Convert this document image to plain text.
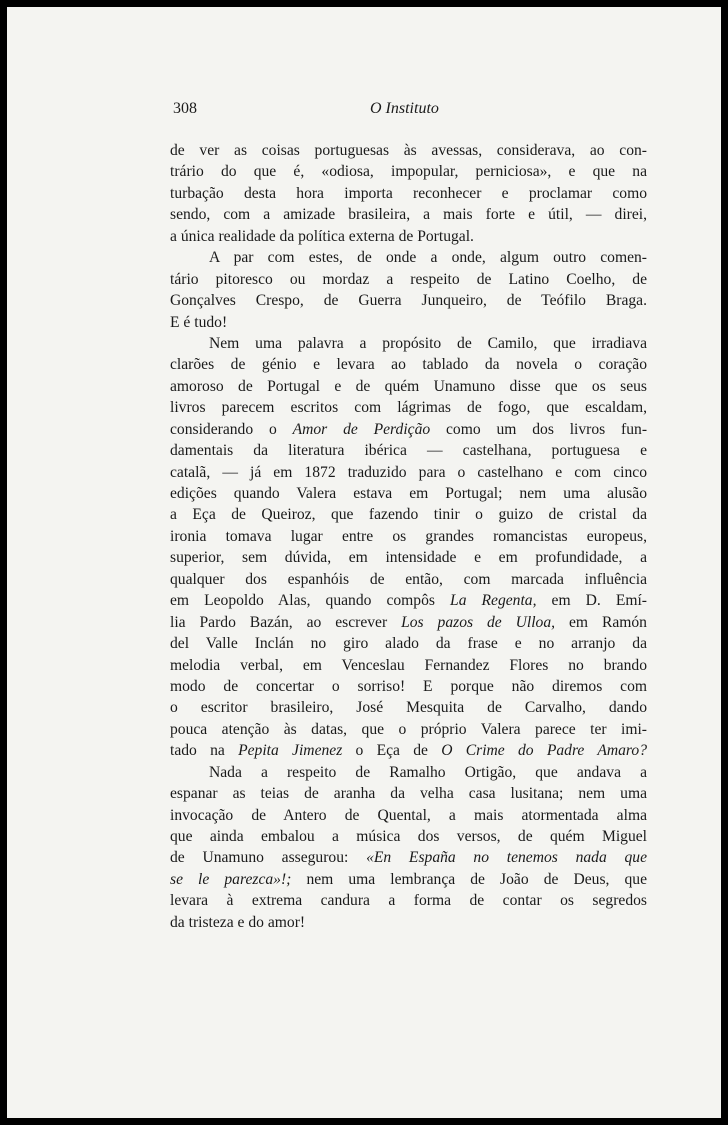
308	O Instituto
de ver as coisas portuguesas às avessas, considerava, ao con-
trário do que é, «odiosa, impopular, perniciosa», e que na
turbação desta hora importa reconhecer e proclamar como
sendo, com a amizade brasileira, a mais forte e útil, — direi,
a única realidade da política externa de Portugal.
A par com estes, de onde a onde, algum outro comen-
tário pitoresco ou mordaz a respeito de Latino Coelho, de
Gonçalves Crespo, de Guerra Junqueiro, de Teófilo Braga.
E é tudo!
Nem uma palavra a propósito de Camilo, que irradiava
clarões de génio e levara ao tablado da novela o coração
amoroso de Portugal e de quém Unamuno disse que os seus
livros parecem escritos com lágrimas de fogo, que escaldam,
considerando o Amor de Perdição como um dos livros fun-
damentais da literatura ibérica — castelhana, portuguesa e
catalã, — já em 1872 traduzido para o castelhano e com cinco
edições quando Valera estava em Portugal; nem uma alusão
a Eça de Queiroz, que fazendo tinir o guizo de cristal da
ironia tomava lugar entre os grandes romancistas europeus,
superior, sem dúvida, em intensidade e em profundidade, a
qualquer dos espanhóis de então, com marcada influência
em Leopoldo Alas, quando compôs La Regenta, em D. Emí-
lia Pardo Bazán, ao escrever Los pazos de Ulloa, em Ramón
del Valle Inclán no giro alado da frase e no arranjo da
melodia verbal, em Venceslau Fernandez Flores no brando
modo de concertar o sorriso! E porque não diremos com
o escritor brasileiro, José Mesquita de Carvalho, dando
pouca atenção às datas, que o próprio Valera parece ter imi-
tado na Pepita Jimenez o Eça de O Crime do Padre Amaro?
Nada a respeito de Ramalho Ortigão, que andava a
espanar as teias de aranha da velha casa lusitana; nem uma
invocação de Antero de Quental, a mais atormentada alma
que ainda embalou a música dos versos, de quém Miguel
de Unamuno assegurou: «En España no tenemos nada que
se le parezca»!; nem uma lembrança de João de Deus, que
levara à extrema candura a forma de contar os segredos
da tristeza e do amor!
